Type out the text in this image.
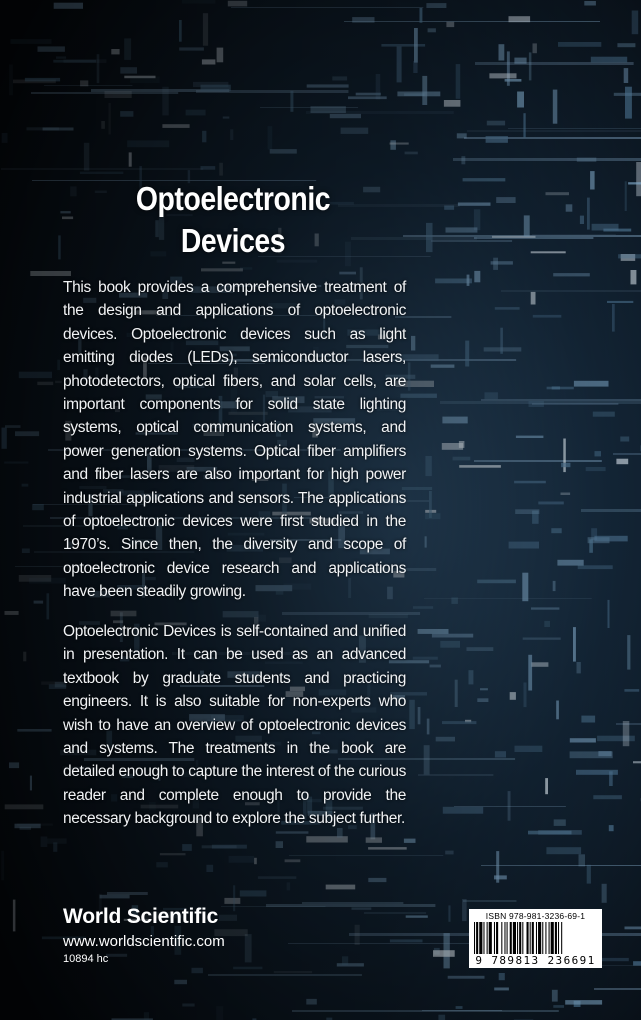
Optoelectronic
Devices
This book provides a comprehensive treatment of the design and applications of optoelectronic devices. Optoelectronic devices such as light emitting diodes (LEDs), semiconductor lasers, photodetectors, optical fibers, and solar cells, are important components for solid state lighting systems, optical communication systems, and power generation systems. Optical fiber amplifiers and fiber lasers are also important for high power industrial applications and sensors. The applications of optoelectronic devices were first studied in the 1970’s. Since then, the diversity and scope of optoelectronic device research and applications have been steadily growing.
Optoelectronic Devices is self-contained and unified in presentation. It can be used as an advanced textbook by graduate students and practicing engineers. It is also suitable for non-experts who wish to have an overview of optoelectronic devices and systems. The treatments in the book are detailed enough to capture the interest of the curious reader and complete enough to provide the necessary background to explore the subject further.
World Scientific
www.worldscientific.com
10894 hc
ISBN 978-981-3236-69-1
9 789813 236691
